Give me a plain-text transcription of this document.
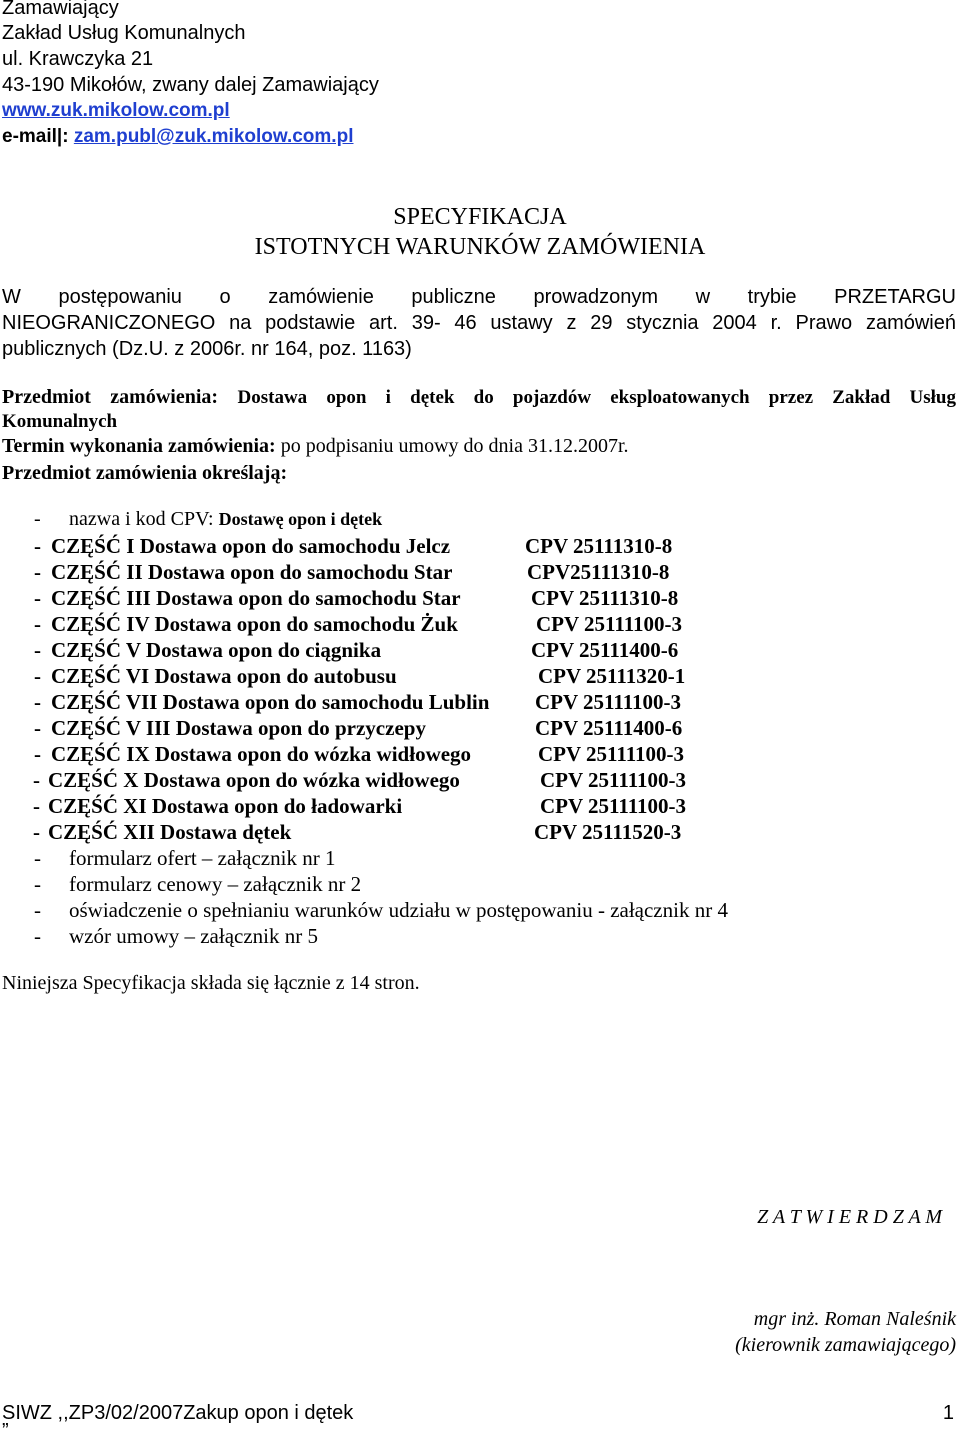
Zamawiający
Zakład Usług Komunalnych
ul. Krawczyka 21
43-190 Mikołów, zwany dalej Zamawiający
www.zuk.mikolow.com.pl
e-mail|: zam.publ@zuk.mikolow.com.pl
SPECYFIKACJA
ISTOTNYCH WARUNKÓW ZAMÓWIENIA
W postępowaniu o zamówienie publiczne prowadzonym w trybie PRZETARGU
NIEOGRANICZONEGO na podstawie art. 39- 46 ustawy z 29 stycznia 2004 r. Prawo zamówień
publicznych (Dz.U. z 2006r. nr 164, poz. 1163)
Przedmiot zamówienia: Dostawa opon i dętek do pojazdów eksploatowanych przez Zakład Usług
Komunalnych
Termin wykonania zamówienia: po podpisaniu umowy do dnia 31.12.2007r.
Przedmiot zamówienia określają:
- nazwa i kod CPV: Dostawę opon i dętek
- CZĘŚĆ I Dostawa opon do samochodu Jelcz	CPV 25111310-8
- CZĘŚĆ II Dostawa opon do samochodu Star	CPV25111310-8
- CZĘŚĆ III Dostawa opon do samochodu Star	CPV 25111310-8
- CZĘŚĆ IV Dostawa opon do samochodu Żuk	CPV 25111100-3
- CZĘŚĆ V Dostawa opon do ciągnika	CPV 25111400-6
- CZĘŚĆ VI Dostawa opon do autobusu	CPV 25111320-1
- CZĘŚĆ VII Dostawa opon do samochodu Lublin CPV 25111100-3
- CZĘŚĆ V III Dostawa opon do przyczepy	CPV 25111400-6
- CZĘŚĆ IX Dostawa opon do wózka widłowego	CPV 25111100-3
- CZĘŚĆ X Dostawa opon do wózka widłowego	CPV 25111100-3
- CZĘŚĆ XI Dostawa opon do ładowarki	CPV 25111100-3
- CZĘŚĆ XII Dostawa dętek	CPV 25111520-3
- formularz ofert – załącznik nr 1
- formularz cenowy – załącznik nr 2
- oświadczenie o spełnianiu warunków udziału w postępowaniu - załącznik nr 4
- wzór umowy – załącznik nr 5
Niniejsza Specyfikacja składa się łącznie z 14 stron.
Z A T W I E R D Z A M
mgr inż. Roman Naleśnik
(kierownik zamawiającego)
SIWZ ,,ZP3/02/2007Zakup opon i dętek	1
”
